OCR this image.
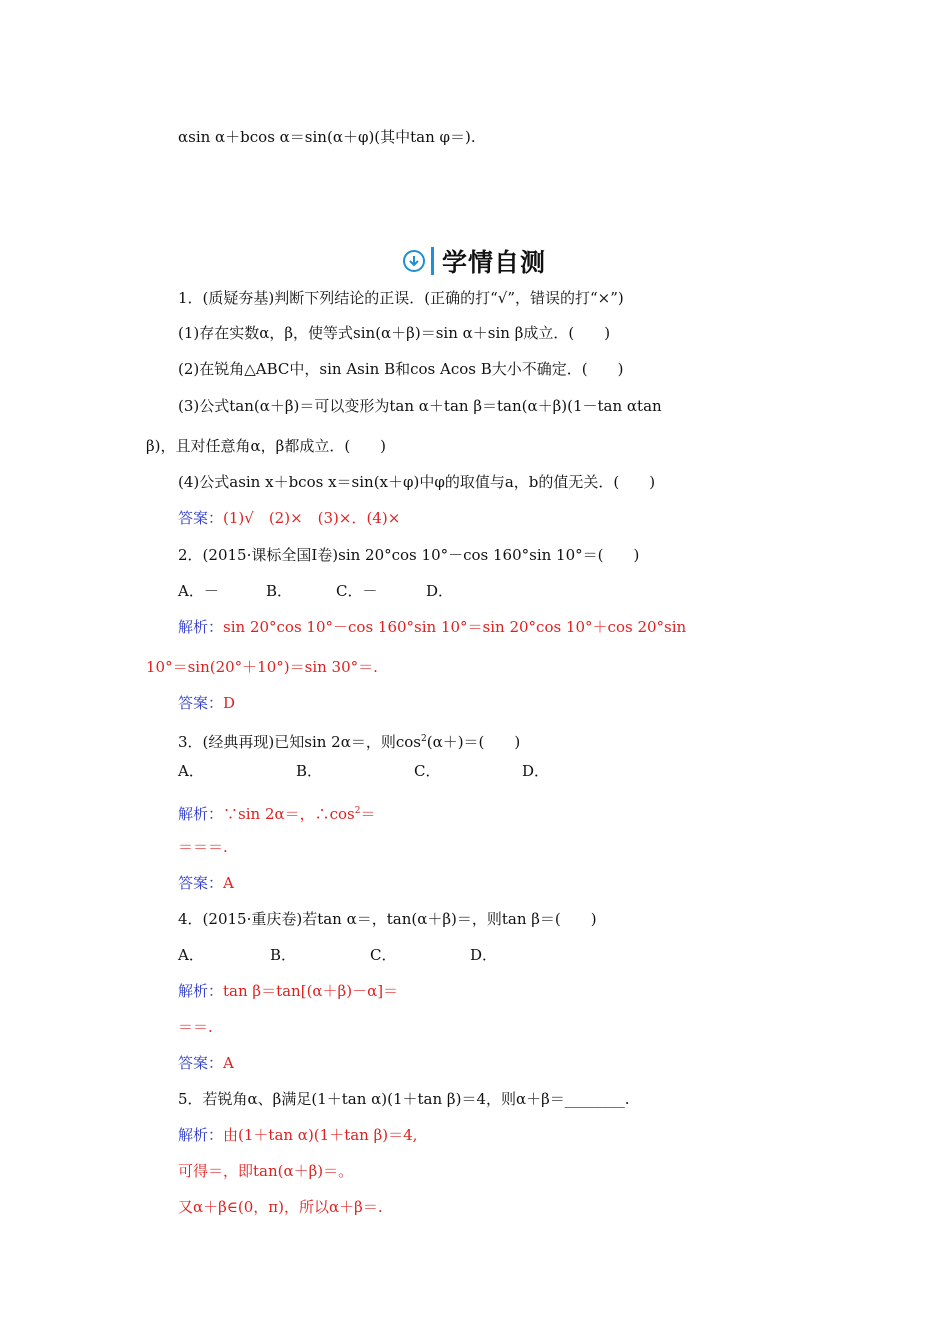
αsin α＋bcos α＝sin(α＋φ)(其中tan φ＝).
学情自测
1．(质疑夯基)判断下列结论的正误．(正确的打“√”，错误的打“×”)
(1)存在实数α，β，使等式sin(α＋β)＝sin α＋sin β成立．(　　)
(2)在锐角△ABC中，sin Asin B和cos Acos B大小不确定．(　　)
(3)公式tan(α＋β)＝可以变形为tan α＋tan β＝tan(α＋β)(1－tan αtan
β)，且对任意角α，β都成立．(　　)
(4)公式asin x＋bcos x＝sin(x＋φ)中φ的取值与a，b的值无关．(　　)
答案：(1)√　(2)×　(3)×．(4)×
2．(2015·课标全国Ⅰ卷)sin 20°cos 10°－cos 160°sin 10°＝(　　)
A．－	B．	C．－	D．
解析：sin 20°cos 10°－cos 160°sin 10°＝sin 20°cos 10°＋cos 20°sin
10°＝sin(20°＋10°)＝sin 30°＝.
答案：D
3．(经典再现)已知sin 2α＝，则$\cos^2(\alpha+)=$(　　)
A．	B．	C．	D．
解析：∵sin 2α＝，$\therefore\cos^2=$
＝＝＝.
答案：A
4．(2015·重庆卷)若tan α＝，tan(α＋β)＝，则tan β＝(　　)
A．	B．	C．	D．
解析：tan β＝tan[(α＋β)－α]＝
＝＝.
答案：A
5．若锐角α、β满足(1＋tan α)(1＋tan β)＝4，则α＋β＝________.
解析：由(1＋tan α)(1＋tan β)＝4,
可得＝，即tan(α＋β)＝。
又α＋β∈(0，π)，所以α＋β＝.
